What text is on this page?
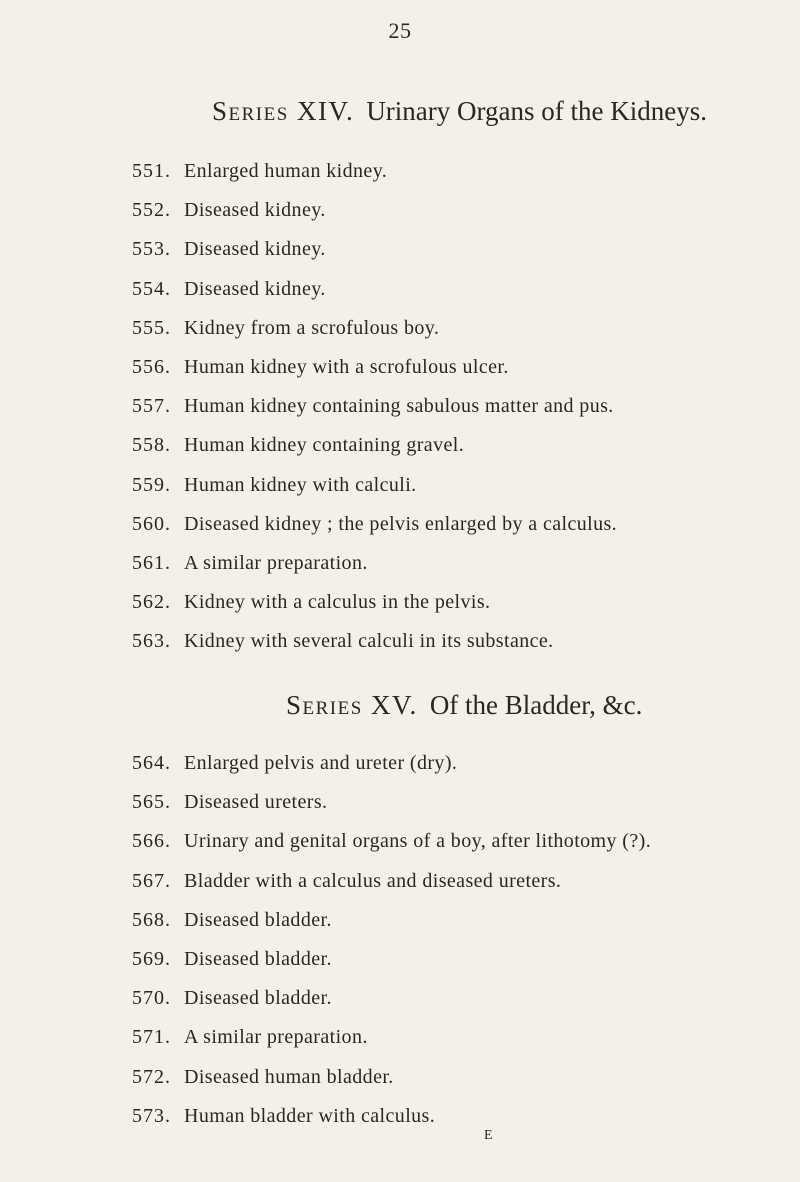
25
Series XIV. Urinary Organs of the Kidneys.
551. Enlarged human kidney.
552. Diseased kidney.
553. Diseased kidney.
554. Diseased kidney.
555. Kidney from a scrofulous boy.
556. Human kidney with a scrofulous ulcer.
557. Human kidney containing sabulous matter and pus.
558. Human kidney containing gravel.
559. Human kidney with calculi.
560. Diseased kidney ; the pelvis enlarged by a calculus.
561. A similar preparation.
562. Kidney with a calculus in the pelvis.
563. Kidney with several calculi in its substance.
Series XV. Of the Bladder, &c.
564. Enlarged pelvis and ureter (dry).
565. Diseased ureters.
566. Urinary and genital organs of a boy, after lithotomy (?).
567. Bladder with a calculus and diseased ureters.
568. Diseased bladder.
569. Diseased bladder.
570. Diseased bladder.
571. A similar preparation.
572. Diseased human bladder.
573. Human bladder with calculus.
E
